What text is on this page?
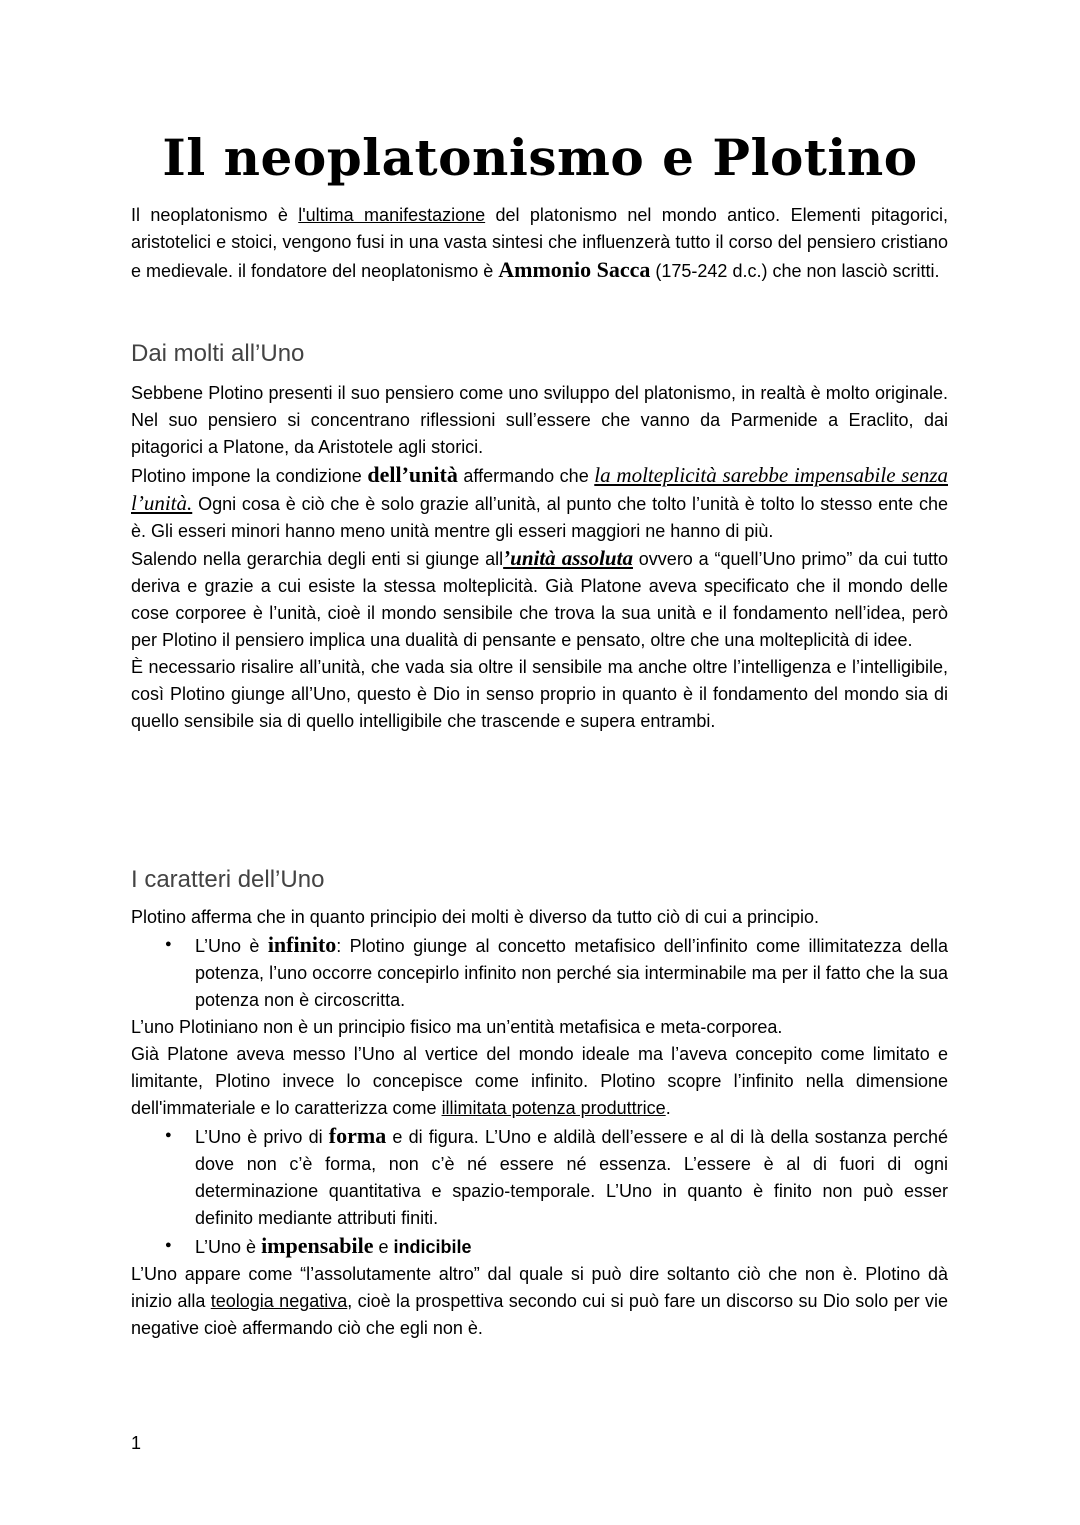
Il neoplatonismo e Plotino

Il neoplatonismo è l'ultima manifestazione del platonismo nel mondo antico. Elementi pitagorici, aristotelici e stoici, vengono fusi in una vasta sintesi che influenzerà tutto il corso del pensiero cristiano e medievale. il fondatore del neoplatonismo è Ammonio Sacca (175-242 d.c.) che non lasciò scritti.

Dai molti all’Uno

Sebbene Plotino presenti il suo pensiero come uno sviluppo del platonismo, in realtà è molto originale. Nel suo pensiero si concentrano riflessioni sull’essere che vanno da Parmenide a Eraclito, dai pitagorici a Platone, da Aristotele agli storici.

Plotino impone la condizione dell’unità affermando che la molteplicità sarebbe impensabile senza l’unità. Ogni cosa è ciò che è solo grazie all’unità, al punto che tolto l’unità è tolto lo stesso ente che è. Gli esseri minori hanno meno unità mentre gli esseri maggiori ne hanno di più.

Salendo nella gerarchia degli enti si giunge all’unità assoluta ovvero a “quell’Uno primo” da cui tutto deriva e grazie a cui esiste la stessa molteplicità. Già Platone aveva specificato che il mondo delle cose corporee è l’unità, cioè il mondo sensibile che trova la sua unità e il fondamento nell’idea, però per Plotino il pensiero implica una dualità di pensante e pensato, oltre che una molteplicità di idee.

È necessario risalire all’unità, che vada sia oltre il sensibile ma anche oltre l’intelligenza e l’intelligibile, così Plotino giunge all’Uno, questo è Dio in senso proprio in quanto è il fondamento del mondo sia di quello sensibile sia di quello intelligibile che trascende e supera entrambi.

I caratteri dell’Uno

Plotino afferma che in quanto principio dei molti è diverso da tutto ciò di cui a principio.

● L’Uno è infinito: Plotino giunge al concetto metafisico dell’infinito come illimitatezza della potenza, l’uno occorre concepirlo infinito non perché sia interminabile ma per il fatto che la sua potenza non è circoscritta.

L’uno Plotiniano non è un principio fisico ma un’entità metafisica e meta-corporea.

Già Platone aveva messo l’Uno al vertice del mondo ideale ma l’aveva concepito come limitato e limitante, Plotino invece lo concepisce come infinito. Plotino scopre l’infinito nella dimensione dell'immateriale e lo caratterizza come illimitata potenza produttrice.

● L’Uno è privo di forma e di figura. L’Uno e aldilà dell’essere e al di là della sostanza perché dove non c’è forma, non c’è né essere né essenza. L’essere è al di fuori di ogni determinazione quantitativa e spazio-temporale. L’Uno in quanto è finito non può esser definito mediante attributi finiti.
● L’Uno è impensabile e indicibile

L’Uno appare come “l’assolutamente altro” dal quale si può dire soltanto ciò che non è. Plotino dà inizio alla teologia negativa, cioè la prospettiva secondo cui si può fare un discorso su Dio solo per vie negative cioè affermando ciò che egli non è.

1
